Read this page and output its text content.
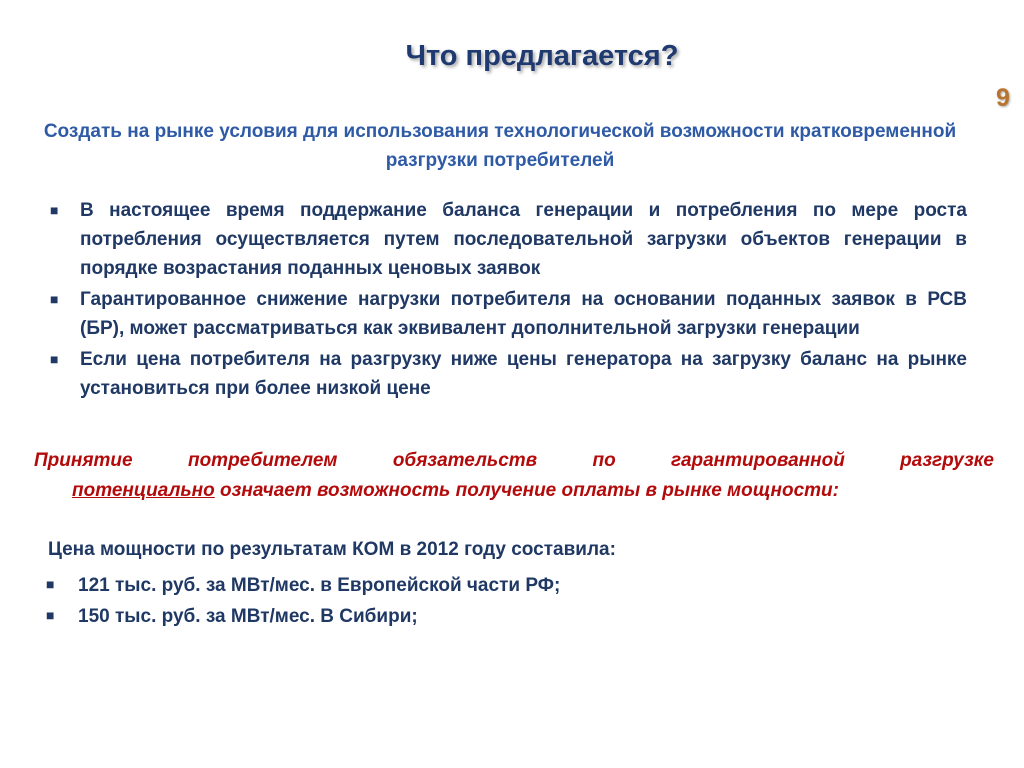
Что предлагается?
9

Создать на рынке условия для использования технологической возможности кратковременной разгрузки потребителей

■ В настоящее время поддержание баланса генерации и потребления по мере роста потребления осуществляется путем последовательной загрузки объектов генерации в порядке возрастания поданных ценовых заявок
■ Гарантированное снижение нагрузки потребителя на основании поданных заявок в РСВ (БР), может рассматриваться как эквивалент дополнительной загрузки генерации
■ Если цена потребителя на разгрузку ниже цены генератора на загрузку баланс на рынке установиться при более низкой цене

Принятие потребителем обязательств по гарантированной разгрузке
потенциально означает возможность получение оплаты в рынке мощности:

Цена мощности по результатам КОМ в 2012 году составила:

■ 121 тыс. руб. за МВт/мес. в Европейской части РФ;
■ 150 тыс. руб. за МВт/мес. В Сибири;
